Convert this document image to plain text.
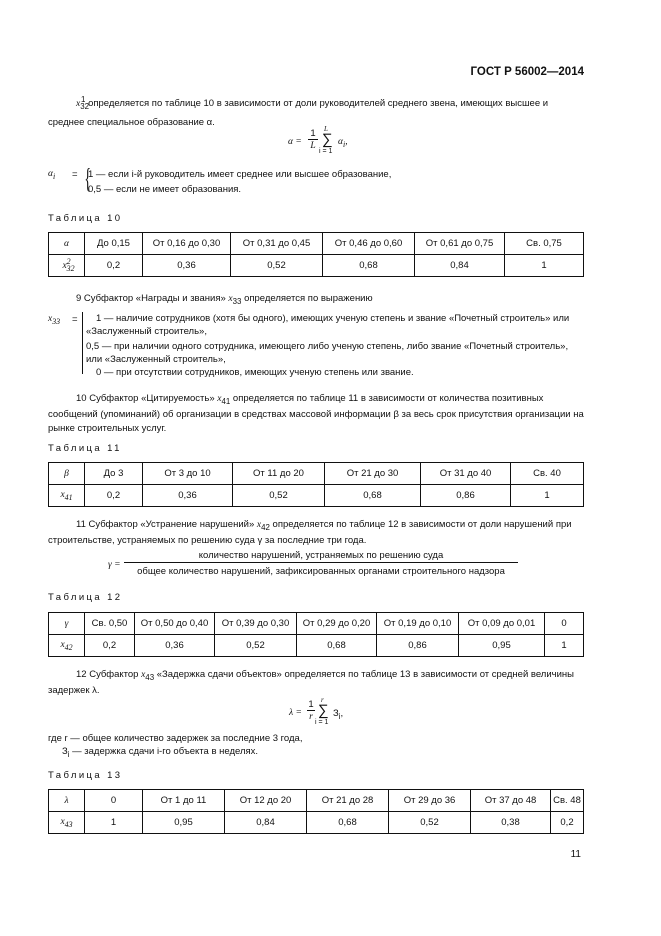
ГОСТ Р 56002—2014
$x_{32}^1$ определяется по таблице 10 в зависимости от доли руководителей среднего звена, имеющих высшее и среднее специальное образование α.
α =
1
L
L
∑
i = 1
$\alpha_i$,
$\alpha_i$ = {
1 — если i-й руководитель имеет среднее или высшее образование,
0,5 — если не имеет образования.
Таблица 10
α	До 0,15	От 0,16 до 0,30	От 0,31 до 0,45	От 0,46 до 0,60	От 0,61 до 0,75	Св. 0,75
$x_{32}^2$	0,2	0,36	0,52	0,68	0,84	1
9 Субфактор «Награды и звания» $x_{33}$ определяется по выражению
$x_{33}$ =	1 — наличие сотрудников (хотя бы одного), имеющих ученую степень и звание «Почетный строитель» или «Заслуженный строитель»,
0,5 — при наличии одного сотрудника, имеющего либо ученую степень, либо звание «Почетный строитель», или «Заслуженный строитель»,
0 — при отсутствии сотрудников, имеющих ученую степень или звание.
10 Субфактор «Цитируемость» $x_{41}$ определяется по таблице 11 в зависимости от количества позитивных сообщений (упоминаний) об организации в средствах массовой информации β за весь срок присутствия организации на рынке строительных услуг.
Таблица 11
β	До 3	От 3 до 10	От 11 до 20	От 21 до 30	От 31 до 40	Св. 40
$x_{41}$	0,2	0,36	0,52	0,68	0,86	1
11 Субфактор «Устранение нарушений» $x_{42}$ определяется по таблице 12 в зависимости от доли нарушений при строительстве, устраняемых по решению суда γ за последние три года.
γ =
количество нарушений, устраняемых по решению суда
общее количество нарушений, зафиксированных органами строительного надзора
Таблица 12
γ	Св. 0,50	От 0,50 до 0,40	От 0,39 до 0,30	От 0,29 до 0,20	От 0,19 до 0,10	От 0,09 до 0,01	0
$x_{42}$	0,2	0,36	0,52	0,68	0,86	0,95	1
12 Субфактор $x_{43}$ «Задержка сдачи объектов» определяется по таблице 13 в зависимости от средней величины задержек λ.
λ =
1
r
r
∑
i = 1
$З_i$,
где r — общее количество задержек за последние 3 года,
$З_i$ — задержка сдачи i-го объекта в неделях.
Таблица 13
λ	0	От 1 до 11	От 12 до 20	От 21 до 28	От 29 до 36	От 37 до 48	Св. 48
$x_{43}$	1	0,95	0,84	0,68	0,52	0,38	0,2
11
